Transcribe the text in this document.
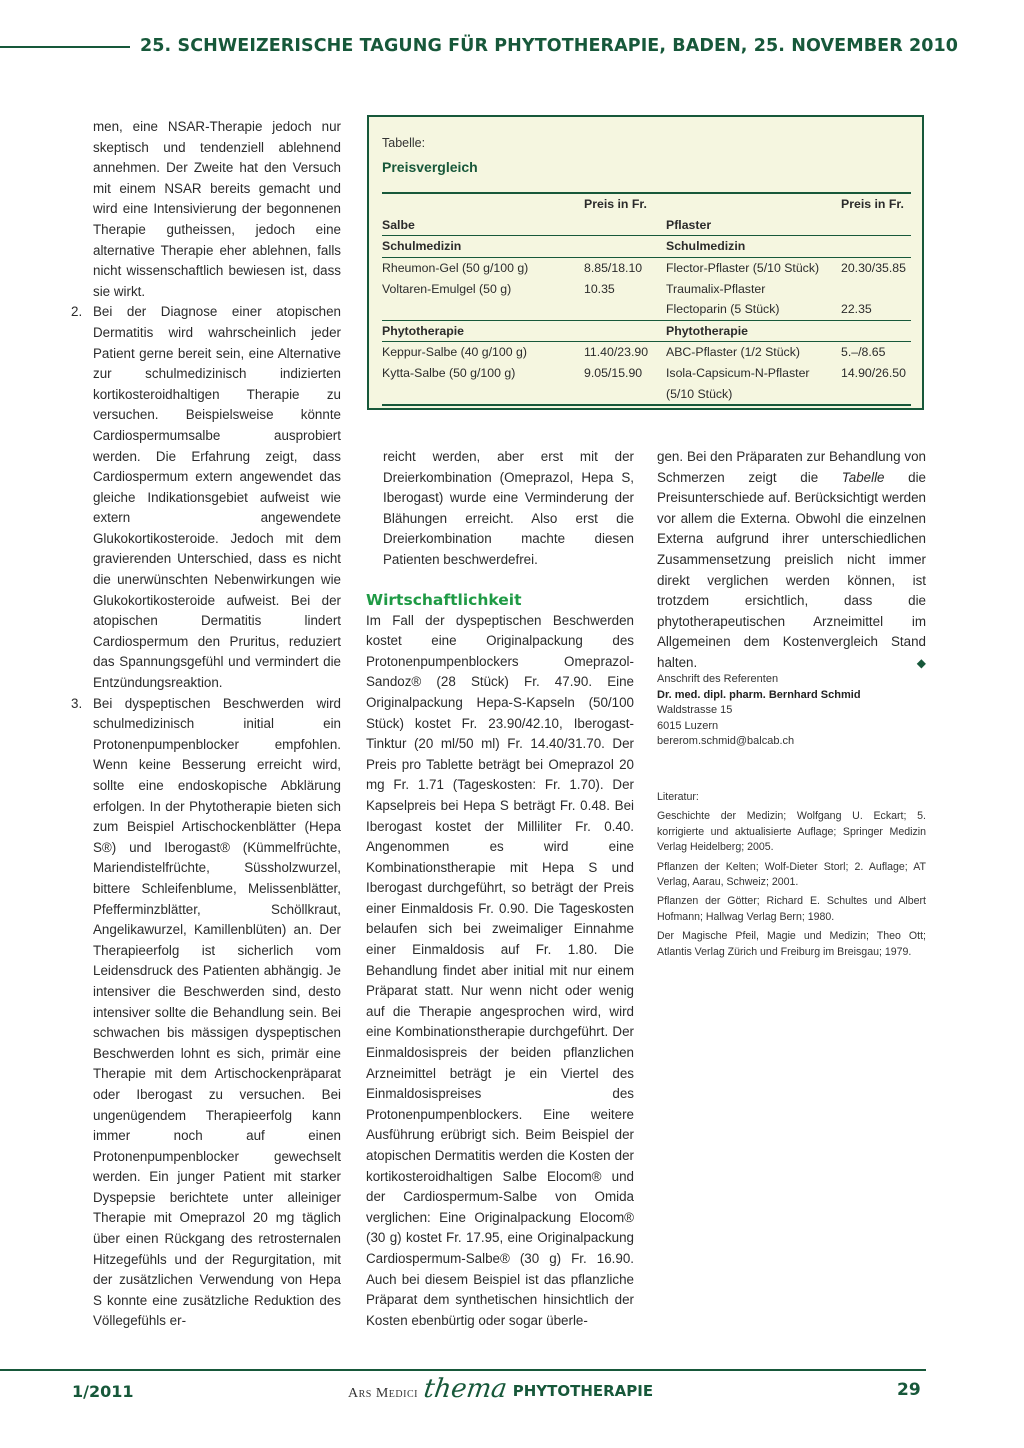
25. SCHWEIZERISCHE TAGUNG FÜR PHYTOTHERAPIE, BADEN, 25. NOVEMBER 2010

men, eine NSAR-Therapie jedoch nur skeptisch und tendenziell ablehnend annehmen. Der Zweite hat den Versuch mit einem NSAR bereits gemacht und wird eine Intensivierung der begonnenen Therapie gutheissen, jedoch eine alternative Therapie eher ablehnen, falls nicht wissenschaftlich bewiesen ist, dass sie wirkt.

2. Bei der Diagnose einer atopischen Dermatitis wird wahrscheinlich jeder Patient gerne bereit sein, eine Alternative zur schulmedizinisch indizierten kortikosteroidhaltigen Therapie zu versuchen. Beispielsweise könnte Cardiospermumsalbe ausprobiert werden. Die Erfahrung zeigt, dass Cardiospermum extern angewendet das gleiche Indikationsgebiet aufweist wie extern angewendete Glukokortikosteroide. Jedoch mit dem gravierenden Unterschied, dass es nicht die unerwünschten Nebenwirkungen wie Glukokortikosteroide aufweist. Bei der atopischen Dermatitis lindert Cardiospermum den Pruritus, reduziert das Spannungsgefühl und vermindert die Entzündungsreaktion.
3. Bei dyspeptischen Beschwerden wird schulmedizinisch initial ein Protonenpumpenblocker empfohlen. Wenn keine Besserung erreicht wird, sollte eine endoskopische Abklärung erfolgen. In der Phytotherapie bieten sich zum Beispiel Artischockenblätter (Hepa S®) und Iberogast® (Kümmelfrüchte, Mariendistelfrüchte, Süssholzwurzel, bittere Schleifenblume, Melissenblätter, Pfefferminzblätter, Schöllkraut, Angelikawurzel, Kamillenblüten) an. Der Therapieerfolg ist sicherlich vom Leidensdruck des Patienten abhängig. Je intensiver die Beschwerden sind, desto intensiver sollte die Behandlung sein. Bei schwachen bis mässigen dyspeptischen Beschwerden lohnt es sich, primär eine Therapie mit dem Artischockenpräparat oder Iberogast zu versuchen. Bei ungenügendem Therapieerfolg kann immer noch auf einen Protonenpumpenblocker gewechselt werden. Ein junger Patient mit starker Dyspepsie berichtete unter alleiniger Therapie mit Omeprazol 20 mg täglich über einen Rückgang des retrosternalen Hitzegefühls und der Regurgitation, mit der zusätzlichen Verwendung von Hepa S konnte eine zusätzliche Reduktion des Völlegefühls er-
Tabelle:
Preisvergleich
	Preis in Fr.		Preis in Fr.
Salbe		Pflaster	
Schulmedizin		Schulmedizin	
Rheumon-Gel (50 g/100 g)	8.85/18.10	Flector-Pflaster (5/10 Stück)	20.30/35.85
Voltaren-Emulgel (50 g)	10.35	Traumalix-Pflaster	
		Flectoparin (5 Stück)	22.35
Phytotherapie		Phytotherapie	
Keppur-Salbe (40 g/100 g)	11.40/23.90	ABC-Pflaster (1/2 Stück)	5.–/8.65
Kytta-Salbe (50 g/100 g)	9.05/15.90	Isola-Capsicum-N-Pflaster	14.90/26.50
		(5/10 Stück)	

reicht werden, aber erst mit der Dreierkombination (Omeprazol, Hepa S, Iberogast) wurde eine Verminderung der Blähungen erreicht. Also erst die Dreierkombination machte diesen Patienten beschwerdefrei.

Wirtschaftlichkeit

Im Fall der dyspeptischen Beschwerden kostet eine Originalpackung des Protonenpumpenblockers Omeprazol-Sandoz® (28 Stück) Fr. 47.90. Eine Originalpackung Hepa-S-Kapseln (50/100 Stück) kostet Fr. 23.90/42.10, Iberogast-Tinktur (20 ml/50 ml) Fr. 14.40/31.70. Der Preis pro Tablette beträgt bei Omeprazol 20 mg Fr. 1.71 (Tageskosten: Fr. 1.70). Der Kapselpreis bei Hepa S beträgt Fr. 0.48. Bei Iberogast kostet der Milliliter Fr. 0.40. Angenommen es wird eine Kombinationstherapie mit Hepa S und Iberogast durchgeführt, so beträgt der Preis einer Einmaldosis Fr. 0.90. Die Tageskosten belaufen sich bei zweimaliger Einnahme einer Einmaldosis auf Fr. 1.80. Die Behandlung findet aber initial mit nur einem Präparat statt. Nur wenn nicht oder wenig auf die Therapie angesprochen wird, wird eine Kombinationstherapie durchgeführt. Der Einmaldosispreis der beiden pflanzlichen Arzneimittel beträgt je ein Viertel des Einmaldosispreises des Protonenpumpenblockers. Eine weitere Ausführung erübrigt sich. Beim Beispiel der atopischen Dermatitis werden die Kosten der kortikosteroidhaltigen Salbe Elocom® und der Cardiospermum-Salbe von Omida verglichen: Eine Originalpackung Elocom® (30 g) kostet Fr. 17.95, eine Originalpackung Cardiospermum-Salbe® (30 g) Fr. 16.90. Auch bei diesem Beispiel ist das pflanzliche Präparat dem synthetischen hinsichtlich der Kosten ebenbürtig oder sogar überle-

gen. Bei den Präparaten zur Behandlung von Schmerzen zeigt die Tabelle die Preisunterschiede auf. Berücksichtigt werden vor allem die Externa. Obwohl die einzelnen Externa aufgrund ihrer unterschiedlichen Zusammensetzung preislich nicht immer direkt verglichen werden können, ist trotzdem ersichtlich, dass die phytotherapeutischen Arzneimittel im Allgemeinen dem Kostenvergleich Stand halten.	◆

Anschrift des Referenten
Dr. med. dipl. pharm. Bernhard Schmid
Waldstrasse 15
6015 Luzern
bererom.schmid@balcab.ch

Literatur:

Geschichte der Medizin; Wolfgang U. Eckart; 5. korrigierte und aktualisierte Auflage; Springer Medizin Verlag Heidelberg; 2005.

Pflanzen der Kelten; Wolf-Dieter Storl; 2. Auflage; AT Verlag, Aarau, Schweiz; 2001.

Pflanzen der Götter; Richard E. Schultes und Albert Hofmann; Hallwag Verlag Bern; 1980.

Der Magische Pfeil, Magie und Medizin; Theo Ott; Atlantis Verlag Zürich und Freiburg im Breisgau; 1979.

1/2011	Ars Medici thema PHYTOTHERAPIE	29
